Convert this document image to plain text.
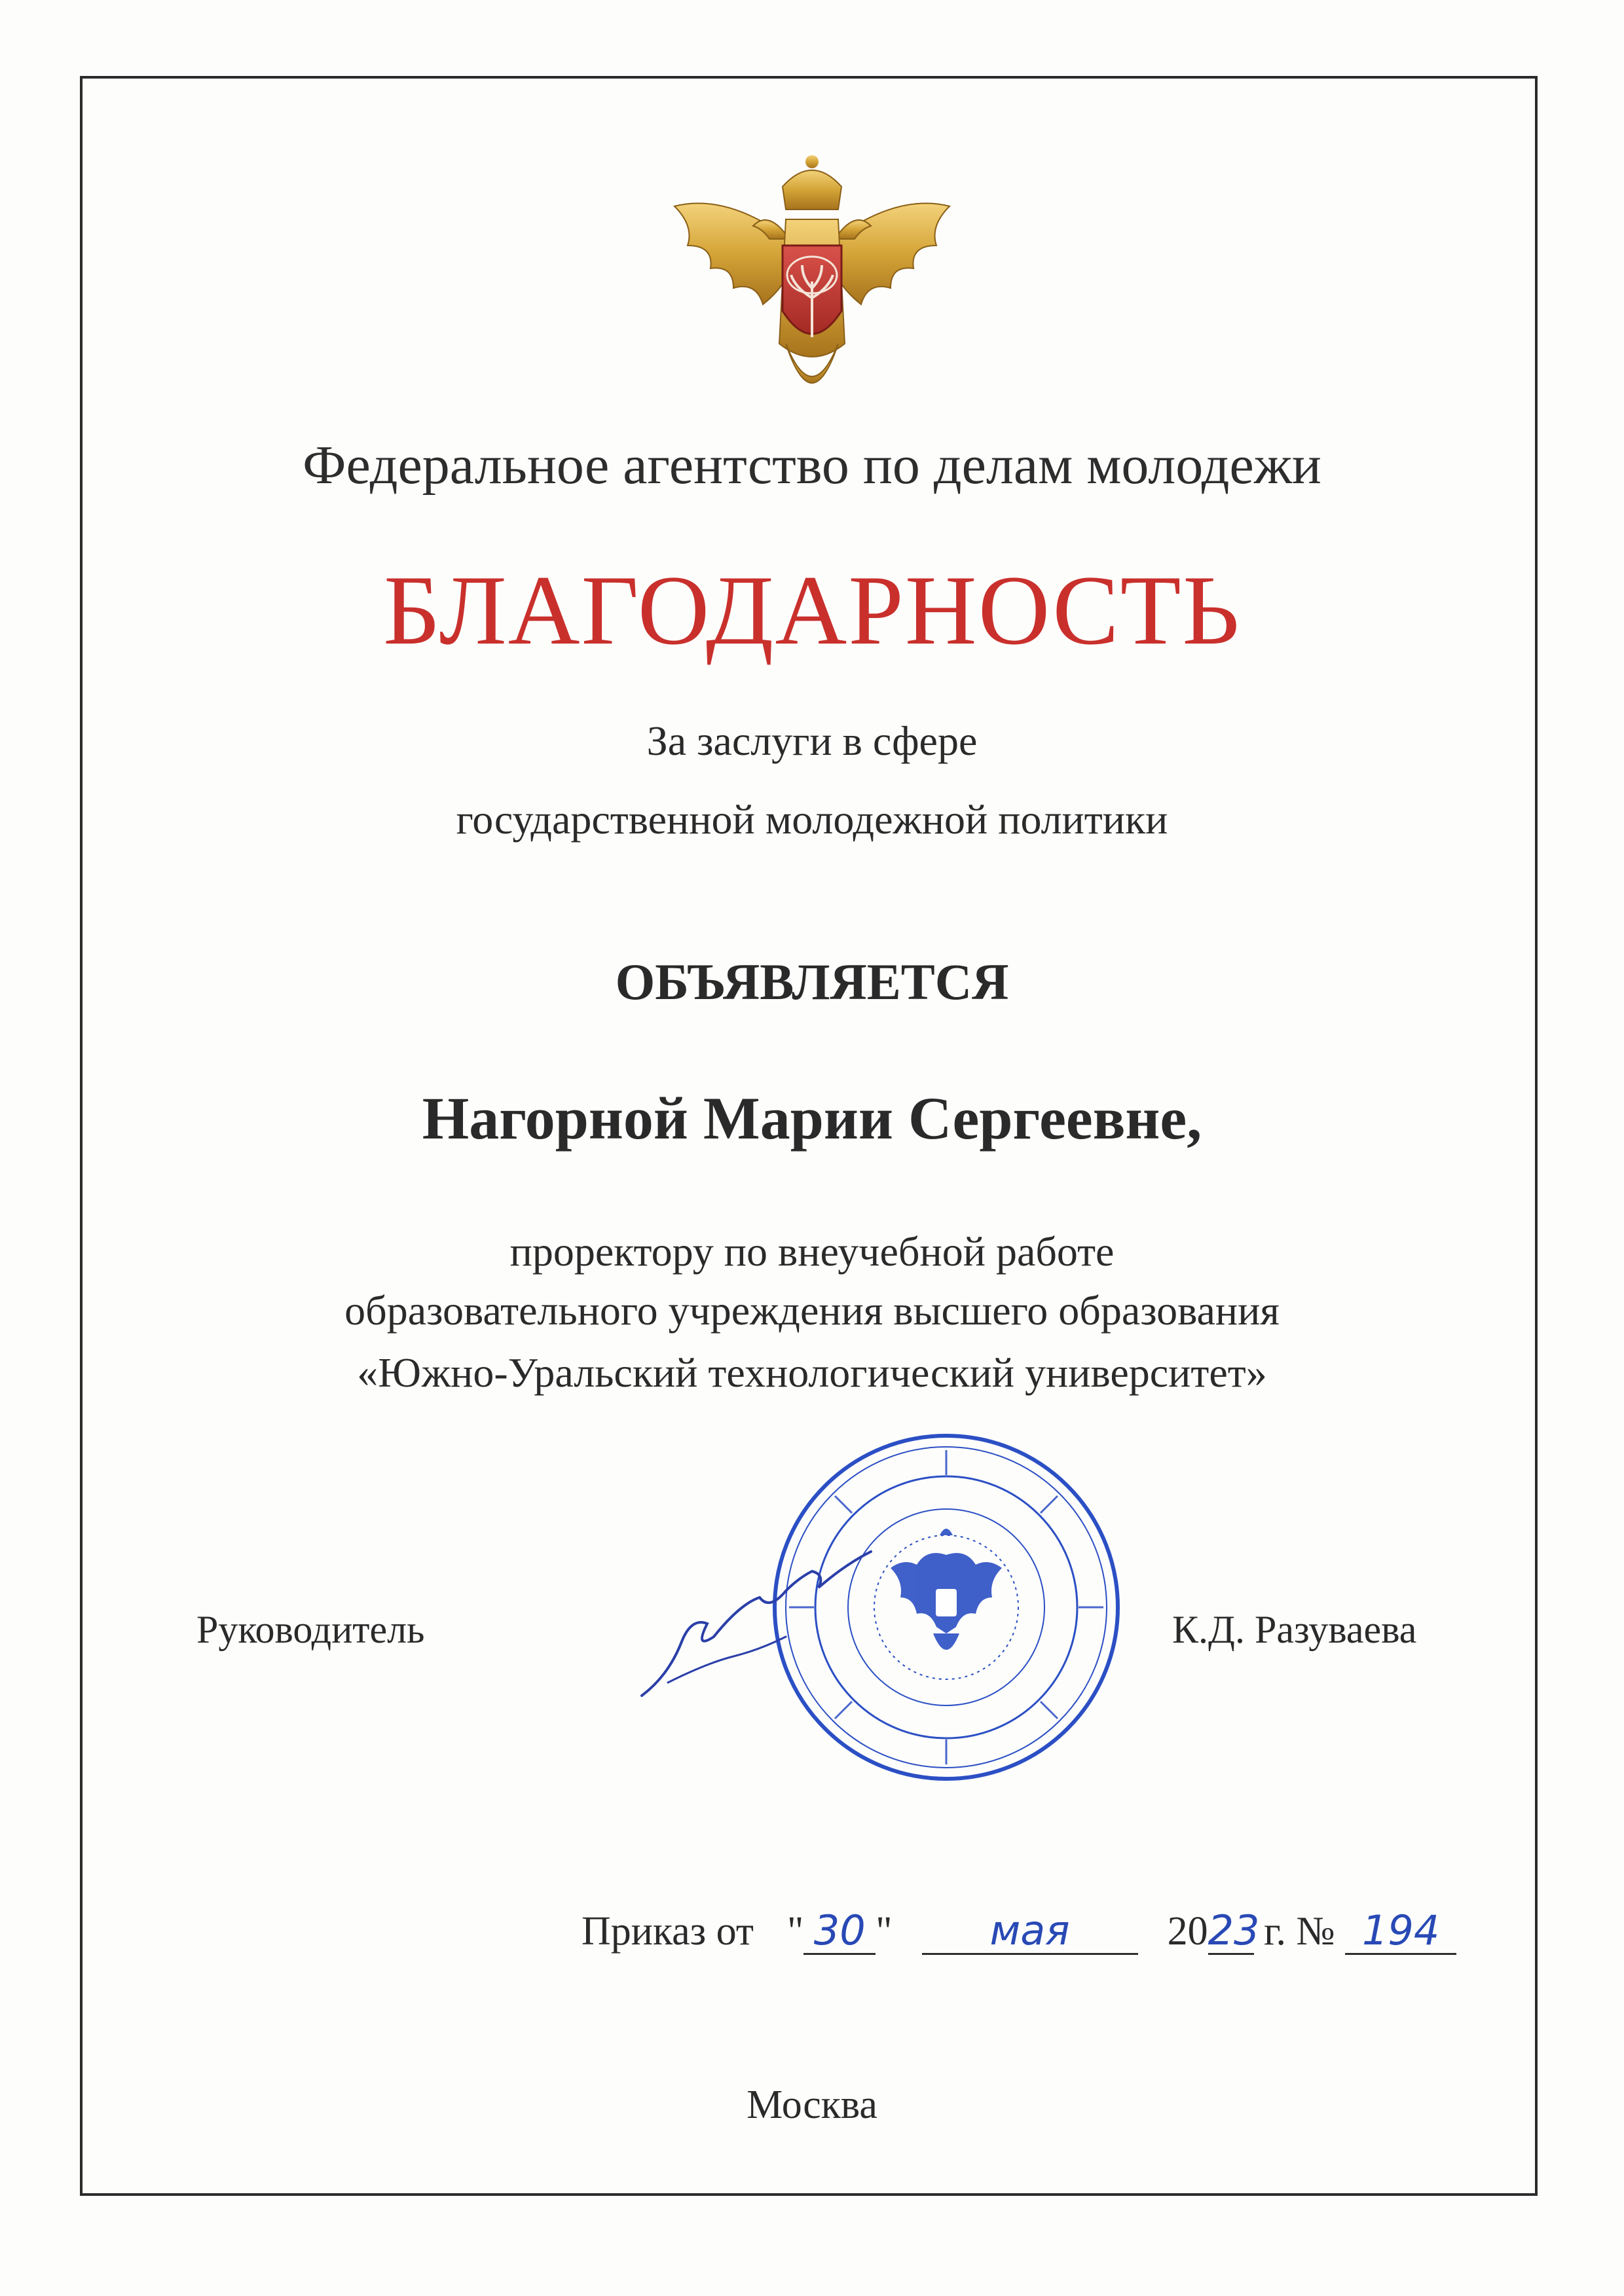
Федеральное агентство по делам молодежи
БЛАГОДАРНОСТЬ
За заслуги в сфере
государственной молодежной политики
ОБЪЯВЛЯЕТСЯ
Нагорной Марии Сергеевне,
проректору по внеучебной работе
образовательного учреждения высшего образования
«Южно-Уральский технологический университет»
Руководитель	К.Д. Разуваева
Приказ от " 30 " мая 2023 г. № 194
Москва
